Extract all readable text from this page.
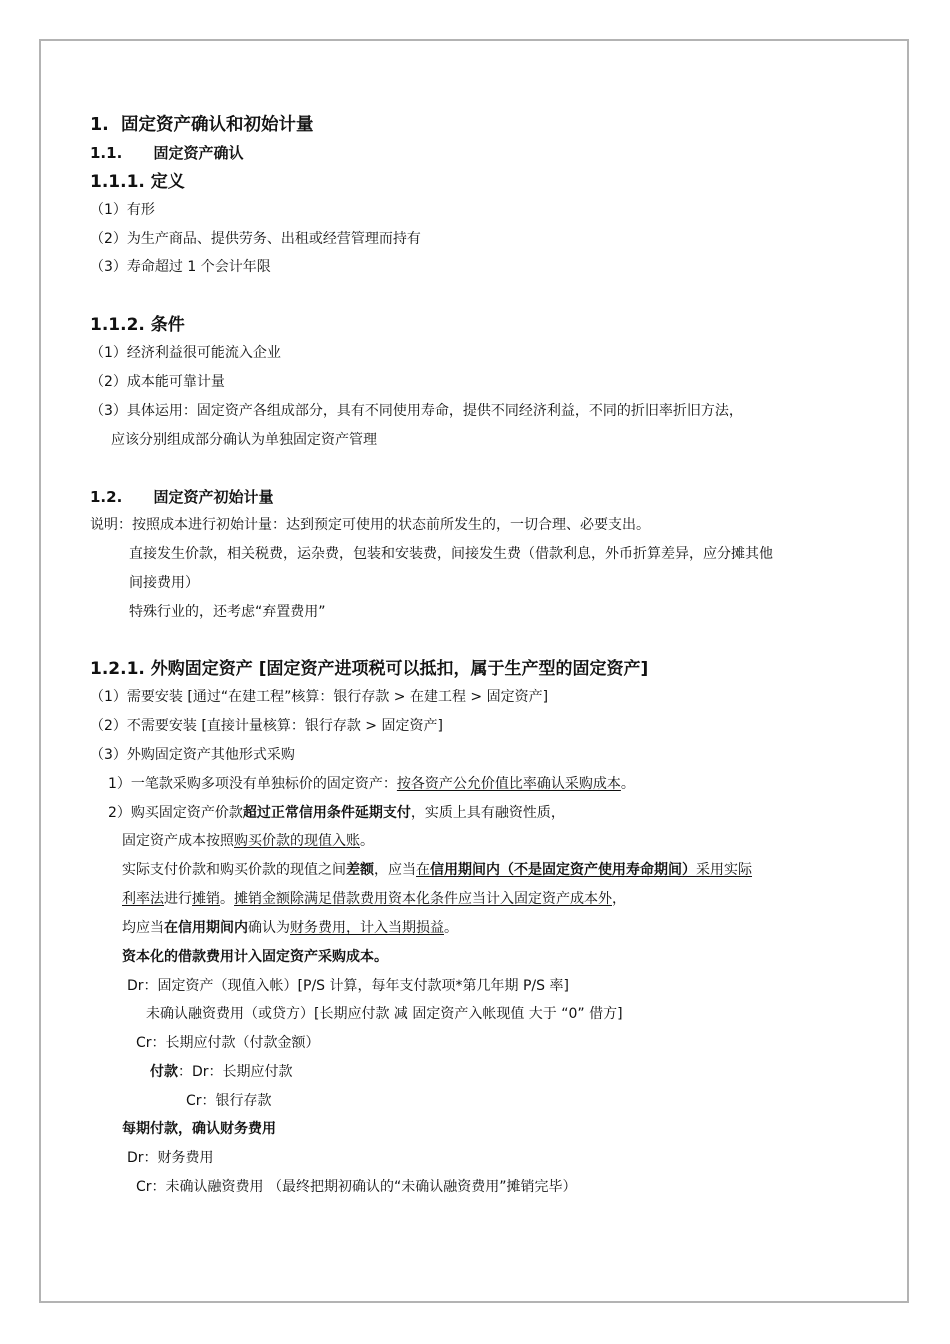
1. 固定资产确认和初始计量
1.1. 固定资产确认
1.1.1. 定义
（1）有形
（2）为生产商品、提供劳务、出租或经营管理而持有
（3）寿命超过 1 个会计年限
1.1.2. 条件
（1）经济利益很可能流入企业
（2）成本能可靠计量
（3）具体运用：固定资产各组成部分，具有不同使用寿命，提供不同经济利益，不同的折旧率折旧方法，
应该分别组成部分确认为单独固定资产管理
1.2. 固定资产初始计量
说明：按照成本进行初始计量：达到预定可使用的状态前所发生的，一切合理、必要支出。
直接发生价款，相关税费，运杂费，包装和安装费，间接发生费（借款利息，外币折算差异，应分摊其他
间接费用）
特殊行业的，还考虑“弃置费用”
1.2.1. 外购固定资产 [固定资产进项税可以抵扣，属于生产型的固定资产]
（1）需要安装 [通过“在建工程”核算：银行存款 > 在建工程 > 固定资产]
（2）不需要安装 [直接计量核算：银行存款 > 固定资产]
（3）外购固定资产其他形式采购
1）一笔款采购多项没有单独标价的固定资产：按各资产公允价值比率确认采购成本。
2）购买固定资产价款超过正常信用条件延期支付，实质上具有融资性质，
固定资产成本按照购买价款的现值入账。
实际支付价款和购买价款的现值之间差额，应当在信用期间内（不是固定资产使用寿命期间）采用实际
利率法进行摊销。摊销金额除满足借款费用资本化条件应当计入固定资产成本外，
均应当在信用期间内确认为财务费用，计入当期损益。
资本化的借款费用计入固定资产采购成本。
Dr：固定资产（现值入帐）[P/S 计算，每年支付款项*第几年期 P/S 率]
未确认融资费用（或贷方）[长期应付款 减 固定资产入帐现值 大于 “0” 借方]
Cr：长期应付款（付款金额）
付款：Dr：长期应付款
Cr：银行存款
每期付款，确认财务费用
Dr：财务费用
Cr：未确认融资费用 （最终把期初确认的“未确认融资费用”摊销完毕）
